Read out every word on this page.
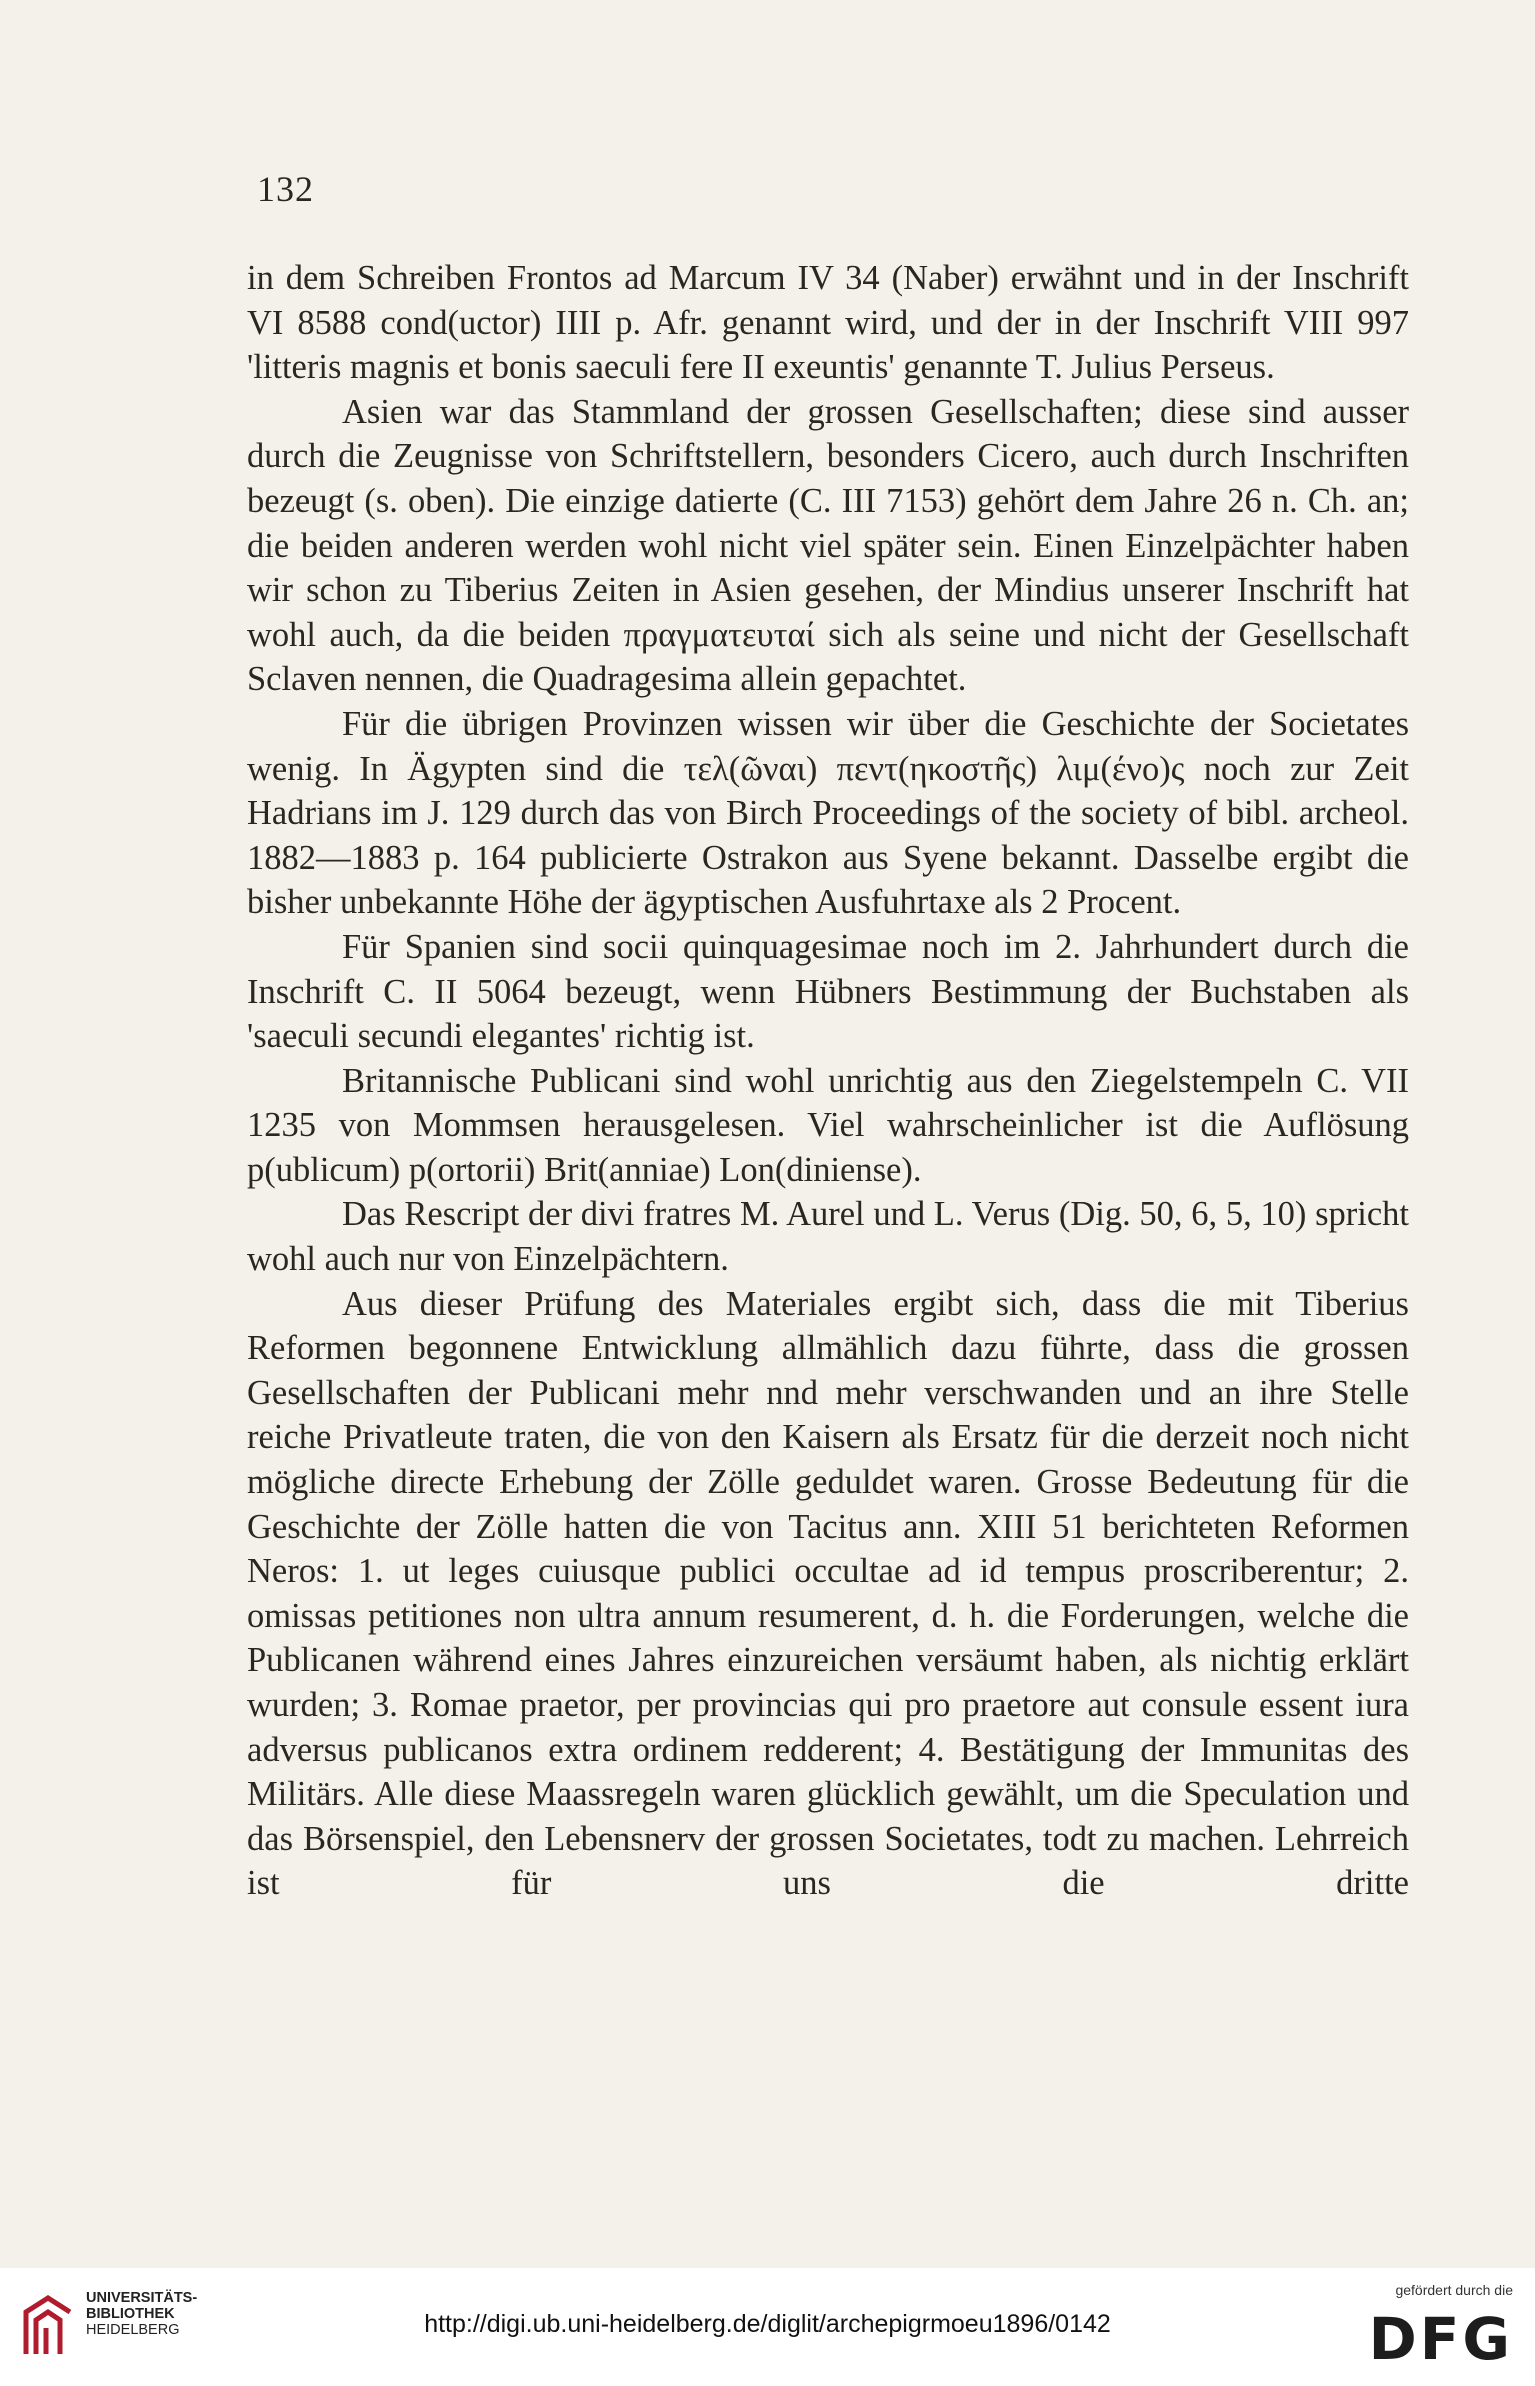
132

in dem Schreiben Frontos ad Marcum IV 34 (Naber) erwähnt und in der Inschrift VI 8588 cond(uctor) IIII p. Afr. genannt wird, und der in der Inschrift VIII 997 'litteris magnis et bonis saeculi fere II exeuntis' genannte T. Julius Perseus.

Asien war das Stammland der grossen Gesellschaften; diese sind ausser durch die Zeugnisse von Schriftstellern, besonders Cicero, auch durch Inschriften bezeugt (s. oben). Die einzige datierte (C. III 7153) gehört dem Jahre 26 n. Ch. an; die beiden anderen werden wohl nicht viel später sein. Einen Einzelpächter haben wir schon zu Tiberius Zeiten in Asien gesehen, der Mindius unserer Inschrift hat wohl auch, da die beiden πραγματευταί sich als seine und nicht der Gesellschaft Sclaven nennen, die Quadragesima allein gepachtet.

Für die übrigen Provinzen wissen wir über die Geschichte der Societates wenig. In Ägypten sind die τελ(ῶναι) πεντ(ηκοστῆς) λιμ(ένο)ς noch zur Zeit Hadrians im J. 129 durch das von Birch Proceedings of the society of bibl. archeol. 1882—1883 p. 164 publicierte Ostrakon aus Syene bekannt. Dasselbe ergibt die bisher unbekannte Höhe der ägyptischen Ausfuhrtaxe als 2 Procent.

Für Spanien sind socii quinquagesimae noch im 2. Jahrhundert durch die Inschrift C. II 5064 bezeugt, wenn Hübners Bestimmung der Buchstaben als 'saeculi secundi elegantes' richtig ist.

Britannische Publicani sind wohl unrichtig aus den Ziegelstempeln C. VII 1235 von Mommsen herausgelesen. Viel wahrscheinlicher ist die Auflösung p(ublicum) p(ortorii) Brit(anniae) Lon(diniense).

Das Rescript der divi fratres M. Aurel und L. Verus (Dig. 50, 6, 5, 10) spricht wohl auch nur von Einzelpächtern.

Aus dieser Prüfung des Materiales ergibt sich, dass die mit Tiberius Reformen begonnene Entwicklung allmählich dazu führte, dass die grossen Gesellschaften der Publicani mehr nnd mehr verschwanden und an ihre Stelle reiche Privatleute traten, die von den Kaisern als Ersatz für die derzeit noch nicht mögliche directe Erhebung der Zölle geduldet waren. Grosse Bedeutung für die Geschichte der Zölle hatten die von Tacitus ann. XIII 51 berichteten Reformen Neros: 1. ut leges cuiusque publici occultae ad id tempus proscriberentur; 2. omissas petitiones non ultra annum resumerent, d. h. die Forderungen, welche die Publicanen während eines Jahres einzureichen versäumt haben, als nichtig erklärt wurden; 3. Romae praetor, per provincias qui pro praetore aut consule essent iura adversus publicanos extra ordinem redderent; 4. Bestätigung der Immunitas des Militärs. Alle diese Maassregeln waren glücklich gewählt, um die Speculation und das Börsenspiel, den Lebensnerv der grossen Societates, todt zu machen. Lehrreich ist für uns die dritte

UNIVERSITÄTS-
BIBLIOTHEK
HEIDELBERG	http://digi.ub.uni-heidelberg.de/diglit/archepigrmoeu1896/0142
gefördert durch die
DFG
